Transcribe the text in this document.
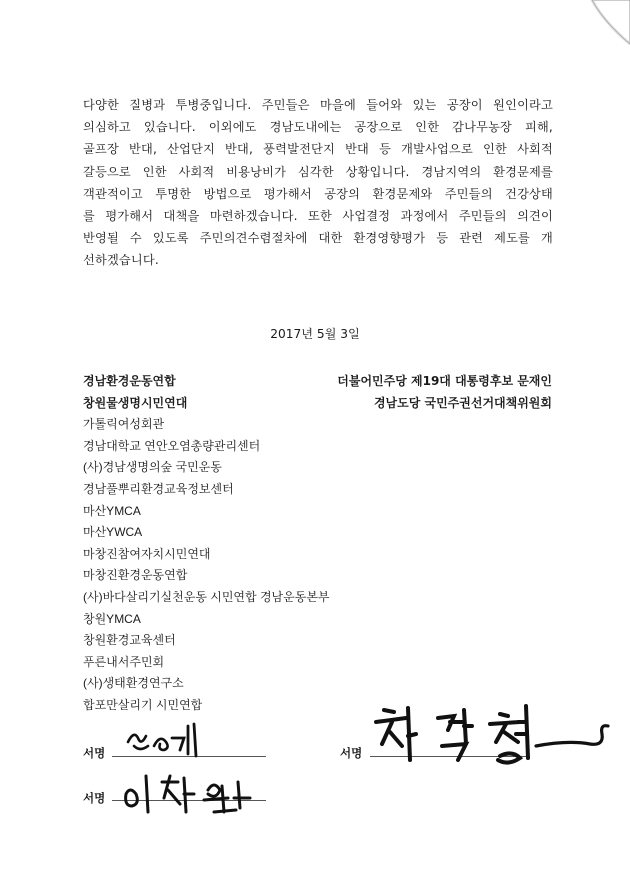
다양한 질병과 투병중입니다. 주민들은 마을에 들어와 있는 공장이 원인이라고
의심하고 있습니다. 이외에도 경남도내에는 공장으로 인한 감나무농장 피해,
골프장 반대, 산업단지 반대, 풍력발전단지 반대 등 개발사업으로 인한 사회적
갈등으로 인한 사회적 비용낭비가 심각한 상황입니다. 경남지역의 환경문제를
객관적이고 투명한 방법으로 평가해서 공장의 환경문제와 주민들의 건강상태
를 평가해서 대책을 마련하겠습니다. 또한 사업결정 과정에서 주민들의 의견이
반영될 수 있도록 주민의견수렴절차에 대한 환경영향평가 등 관련 제도를 개
선하겠습니다.
2017년 5월 3일
경남환경운동연합
창원물생명시민연대
가톨릭여성회관
경남대학교 연안오염총량관리센터
(사)경남생명의숲 국민운동
경남풀뿌리환경교육정보센터
마산YMCA
마산YWCA
마창진참여자치시민연대
마창진환경운동연합
(사)바다살리기실천운동 시민연합 경남운동본부
창원YMCA
창원환경교육센터
푸른내서주민회
(사)생태환경연구소
합포만살리기 시민연합
더불어민주당 제19대 대통령후보 문재인
경남도당 국민주권선거대책위원회
서명
서명
서명
